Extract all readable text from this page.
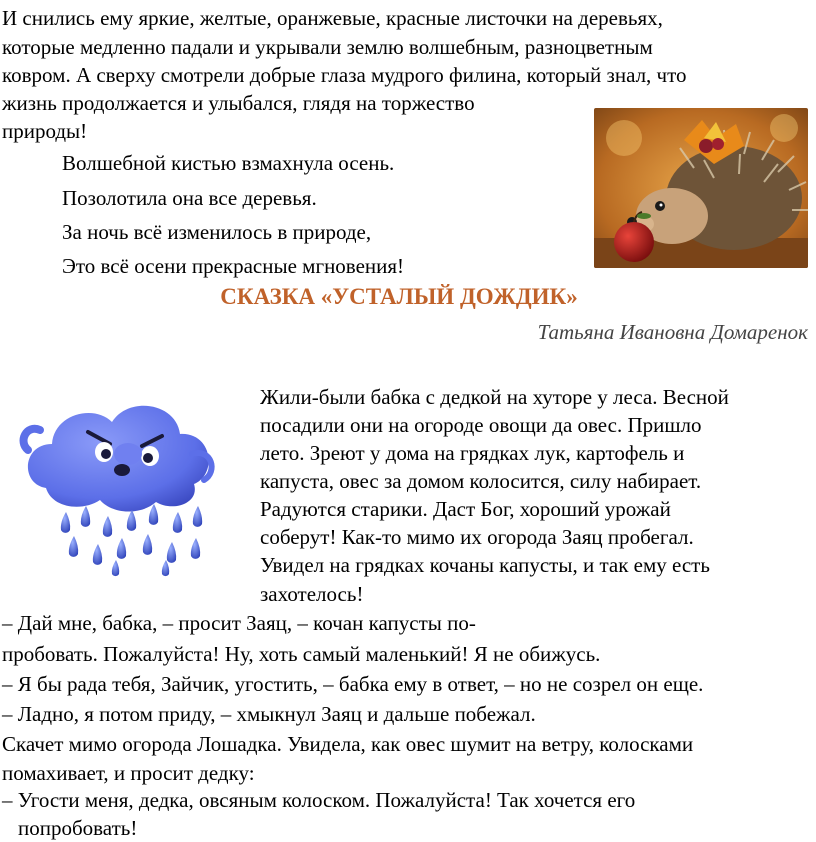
И снились ему яркие, желтые, оранжевые, красные листочки на деревьях,

которые медленно падали и укрывали землю волшебным, разноцветным

ковром. А сверху смотрели добрые глаза мудрого филина, который знал, что

жизнь продолжается и улыбался, глядя на торжество

природы!

Волшебной кистью взмахнула осень.

Позолотила она все деревья.

За ночь всё изменилось в природе,

Это всё осени прекрасные мгновения!

СКАЗКА «УСТАЛЫЙ ДОЖДИК»
Татьяна Ивановна Домаренок

Жили-были бабка с дедкой на хуторе у леса. Весной

посадили они на огороде овощи да овес. Пришло

лето. Зреют у дома на грядках лук, картофель и

капуста, овес за домом колосится, силу набирает.

Радуются старики. Даст Бог, хороший урожай

соберут! Как-то мимо их огорода Заяц пробегал.

Увидел на грядках кочаны капусты, и так ему есть

захотелось!

– Дай мне, бабка, – просит Заяц, – кочан капусты по-

пробовать. Пожалуйста! Ну, хоть самый маленький! Я не обижусь.

– Я бы рада тебя, Зайчик, угостить, – бабка ему в ответ, – но не созрел он еще.

– Ладно, я потом приду, – хмыкнул Заяц и дальше побежал.

Скачет мимо огорода Лошадка. Увидела, как овес шумит на ветру, колосками

помахивает, и просит дедку:

– Угости меня, дедка, овсяным колоском. Пожалуйста! Так хочется его

попробовать!
